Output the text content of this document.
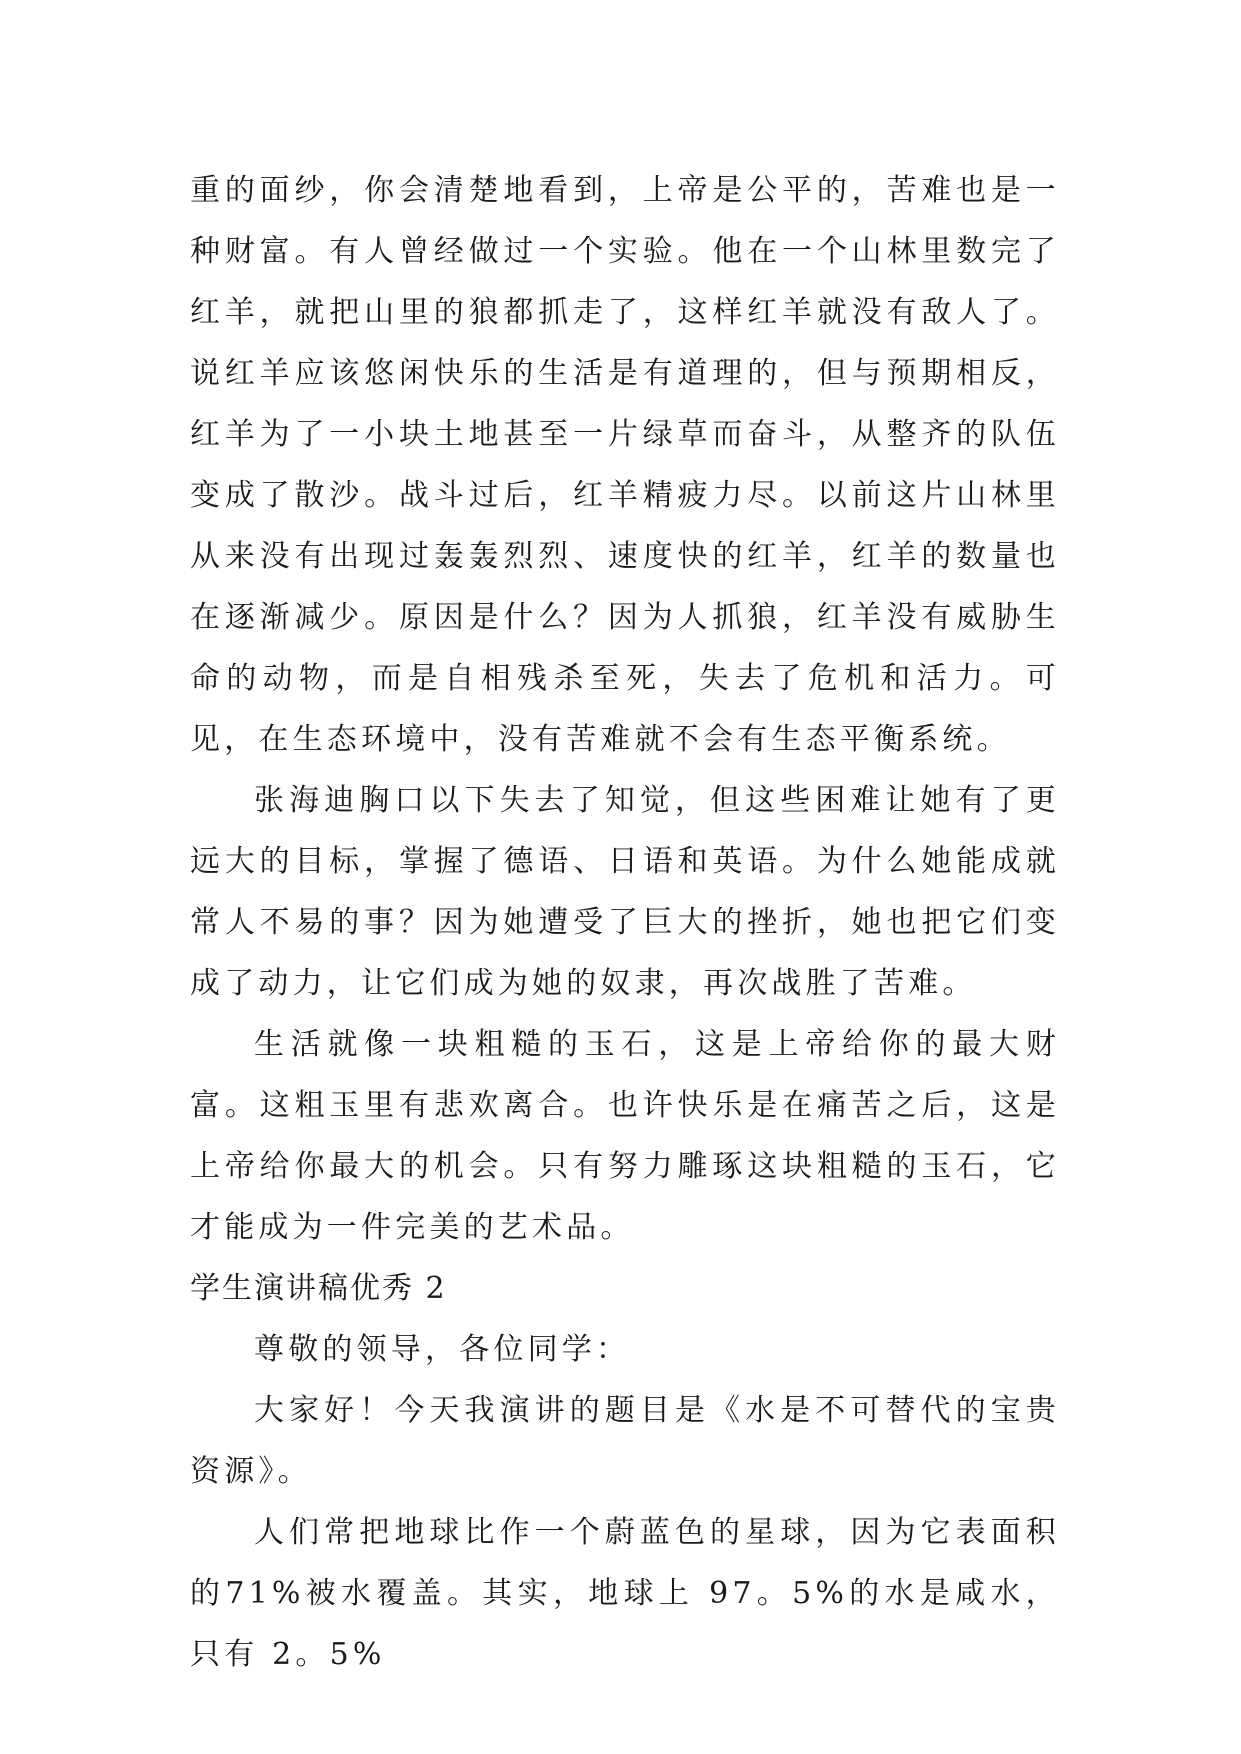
重的面纱，你会清楚地看到，上帝是公平的，苦难也是一种财富。有人曾经做过一个实验。他在一个山林里数完了红羊，就把山里的狼都抓走了，这样红羊就没有敌人了。说红羊应该悠闲快乐的生活是有道理的，但与预期相反，红羊为了一小块土地甚至一片绿草而奋斗，从整齐的队伍变成了散沙。战斗过后，红羊精疲力尽。以前这片山林里从来没有出现过轰轰烈烈、速度快的红羊，红羊的数量也在逐渐减少。原因是什么？因为人抓狼，红羊没有威胁生命的动物，而是自相残杀至死，失去了危机和活力。可见，在生态环境中，没有苦难就不会有生态平衡系统。

张海迪胸口以下失去了知觉，但这些困难让她有了更远大的目标，掌握了德语、日语和英语。为什么她能成就常人不易的事？因为她遭受了巨大的挫折，她也把它们变成了动力，让它们成为她的奴隶，再次战胜了苦难。

生活就像一块粗糙的玉石，这是上帝给你的最大财富。这粗玉里有悲欢离合。也许快乐是在痛苦之后，这是上帝给你最大的机会。只有努力雕琢这块粗糙的玉石，它才能成为一件完美的艺术品。

学生演讲稿优秀 2

尊敬的领导，各位同学：

大家好！今天我演讲的题目是《水是不可替代的宝贵资源》。

人们常把地球比作一个蔚蓝色的星球，因为它表面积的71%被水覆盖。其实，地球上 97。5%的水是咸水，只有 2。5%
